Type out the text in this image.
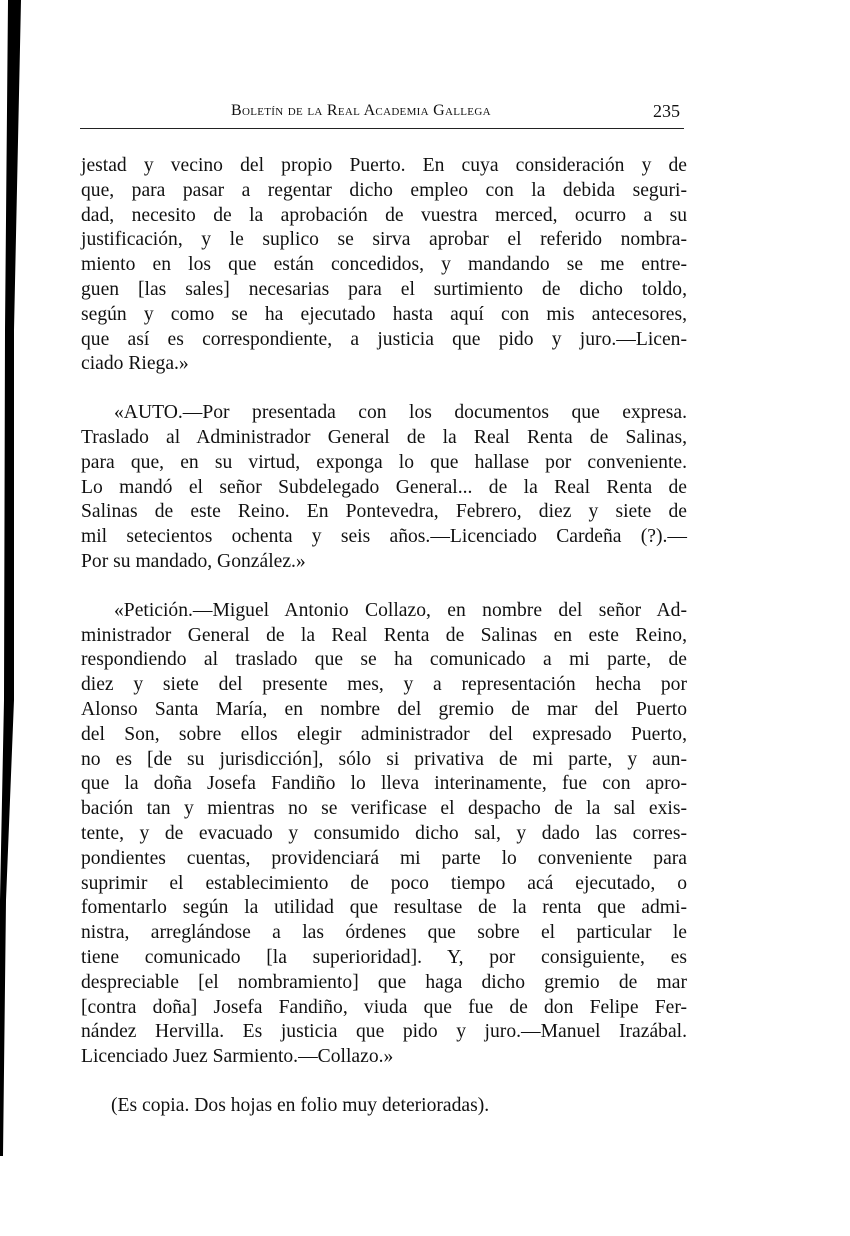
Boletín de la Real Academia Gallega	235
jestad y vecino del propio Puerto. En cuya consideración y de
que, para pasar a regentar dicho empleo con la debida seguri-
dad, necesito de la aprobación de vuestra merced, ocurro a su
justificación, y le suplico se sirva aprobar el referido nombra-
miento en los que están concedidos, y mandando se me entre-
guen [las sales] necesarias para el surtimiento de dicho toldo,
según y como se ha ejecutado hasta aquí con mis antecesores,
que así es correspondiente, a justicia que pido y juro.—Licen-
ciado Riega.»
«AUTO.—Por presentada con los documentos que expresa.
Traslado al Administrador General de la Real Renta de Salinas,
para que, en su virtud, exponga lo que hallase por conveniente.
Lo mandó el señor Subdelegado General... de la Real Renta de
Salinas de este Reino. En Pontevedra, Febrero, diez y siete de
mil setecientos ochenta y seis años.—Licenciado Cardeña (?).—
Por su mandado, González.»
«Petición.—Miguel Antonio Collazo, en nombre del señor Ad-
ministrador General de la Real Renta de Salinas en este Reino,
respondiendo al traslado que se ha comunicado a mi parte, de
diez y siete del presente mes, y a representación hecha por
Alonso Santa María, en nombre del gremio de mar del Puerto
del Son, sobre ellos elegir administrador del expresado Puerto,
no es [de su jurisdicción], sólo si privativa de mi parte, y aun-
que la doña Josefa Fandiño lo lleva interinamente, fue con apro-
bación tan y mientras no se verificase el despacho de la sal exis-
tente, y de evacuado y consumido dicho sal, y dado las corres-
pondientes cuentas, providenciará mi parte lo conveniente para
suprimir el establecimiento de poco tiempo acá ejecutado, o
fomentarlo según la utilidad que resultase de la renta que admi-
nistra, arreglándose a las órdenes que sobre el particular le
tiene comunicado [la superioridad]. Y, por consiguiente, es
despreciable [el nombramiento] que haga dicho gremio de mar
[contra doña] Josefa Fandiño, viuda que fue de don Felipe Fer-
nández Hervilla. Es justicia que pido y juro.—Manuel Irazábal.
Licenciado Juez Sarmiento.—Collazo.»
(Es copia. Dos hojas en folio muy deterioradas).
